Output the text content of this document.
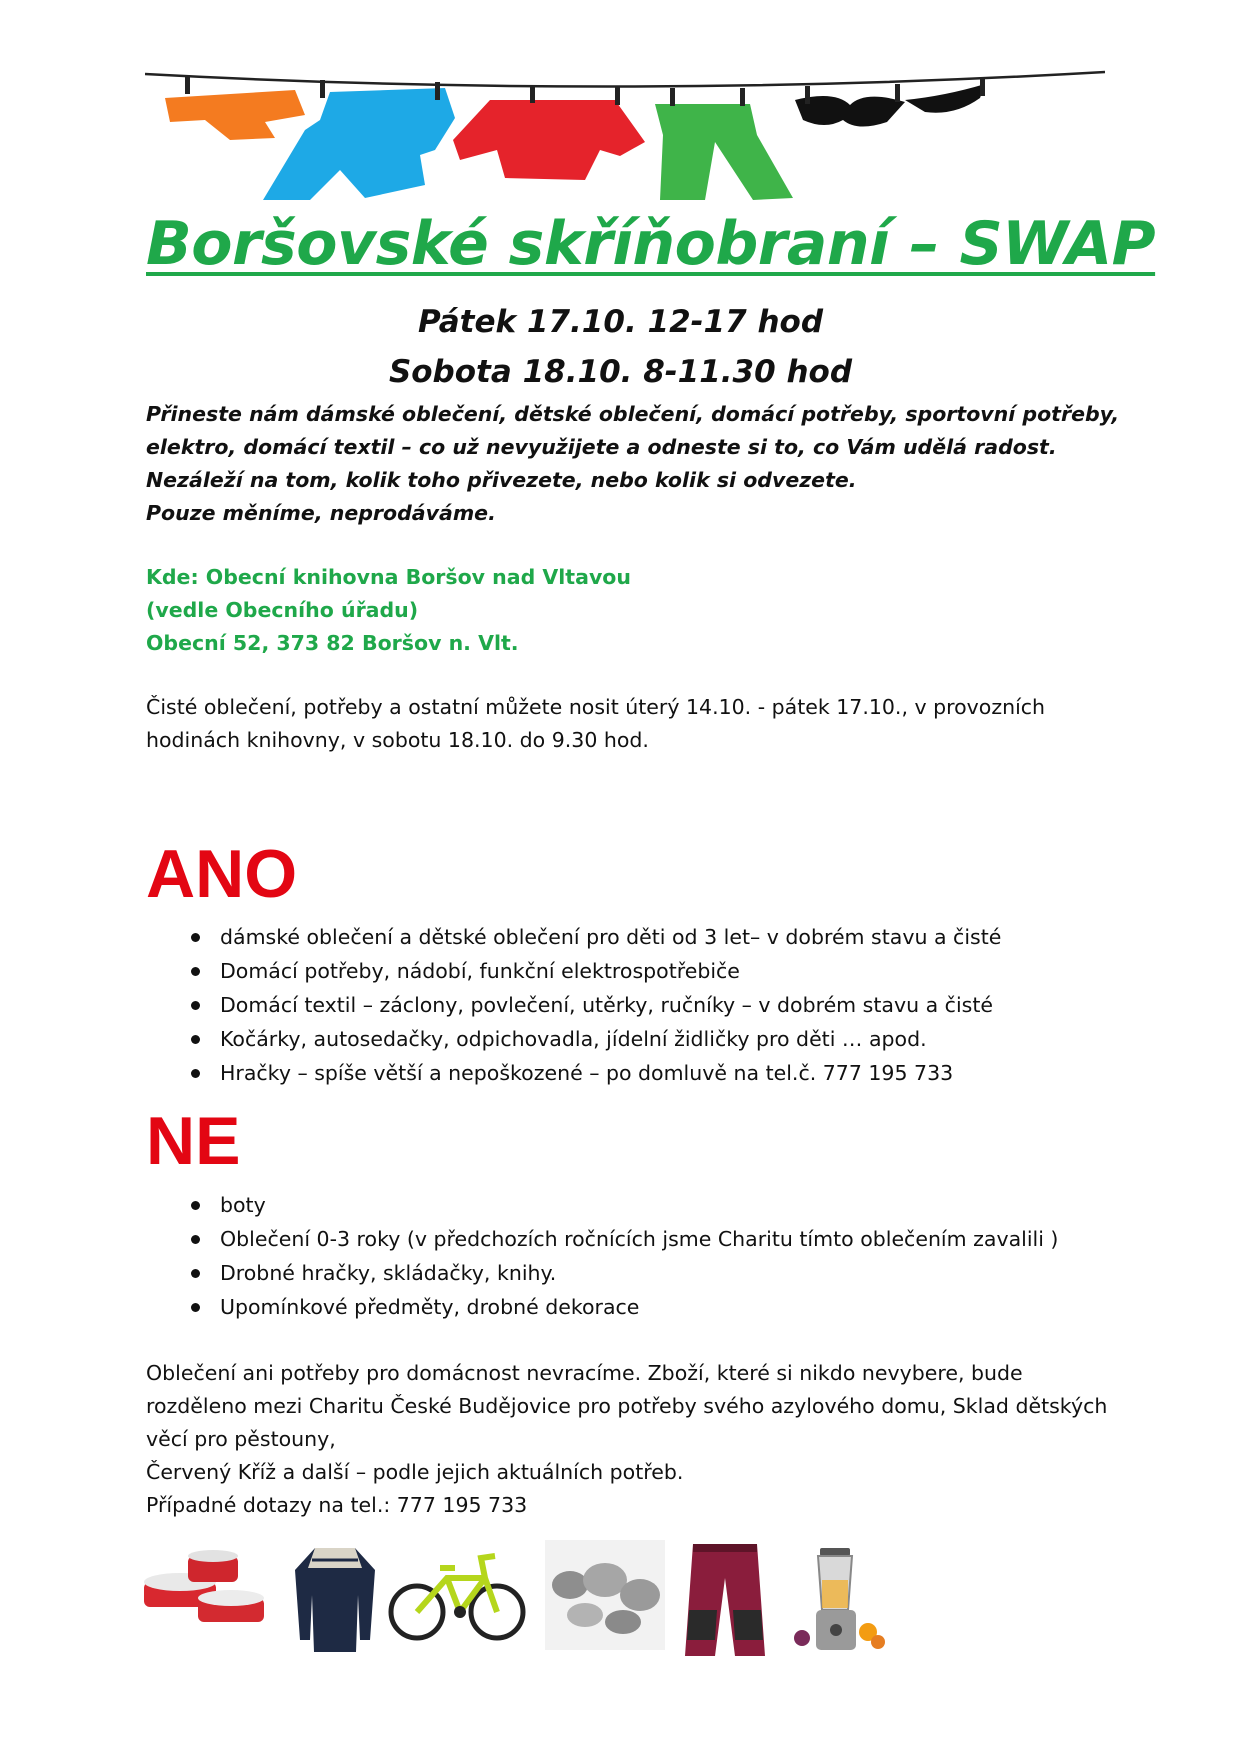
Boršovské skříňobraní – SWAP
Pátek 17.10. 12-17 hod
Sobota 18.10. 8-11.30 hod
Přineste nám dámské oblečení, dětské oblečení, domácí potřeby, sportovní potřeby,
elektro, domácí textil – co už nevyužijete a odneste si to, co Vám udělá radost.
Nezáleží na tom, kolik toho přivezete, nebo kolik si odvezete.
Pouze měníme, neprodáváme.
Kde: Obecní knihovna Boršov nad Vltavou
(vedle Obecního úřadu)
Obecní 52, 373 82 Boršov n. Vlt.
Čisté oblečení, potřeby a ostatní můžete nosit úterý 14.10. - pátek 17.10., v provozních
hodinách knihovny, v sobotu 18.10. do 9.30 hod.
ANO
dámské oblečení a dětské oblečení pro děti od 3 let– v dobrém stavu a čisté
Domácí potřeby, nádobí, funkční elektrospotřebiče
Domácí textil – záclony, povlečení, utěrky, ručníky – v dobrém stavu a čisté
Kočárky, autosedačky, odpichovadla, jídelní židličky pro děti … apod.
Hračky – spíše větší a nepoškozené – po domluvě na tel.č. 777 195 733
NE
boty
Oblečení 0-3 roky (v předchozích ročnících jsme Charitu tímto oblečením zavalili )
Drobné hračky, skládačky, knihy.
Upomínkové předměty, drobné dekorace
Oblečení ani potřeby pro domácnost nevracíme. Zboží, které si nikdo nevybere, bude
rozděleno mezi Charitu České Budějovice pro potřeby svého azylového domu, Sklad dětských
věcí pro pěstouny,
Červený Kříž a další – podle jejich aktuálních potřeb.
Případné dotazy na tel.: 777 195 733
